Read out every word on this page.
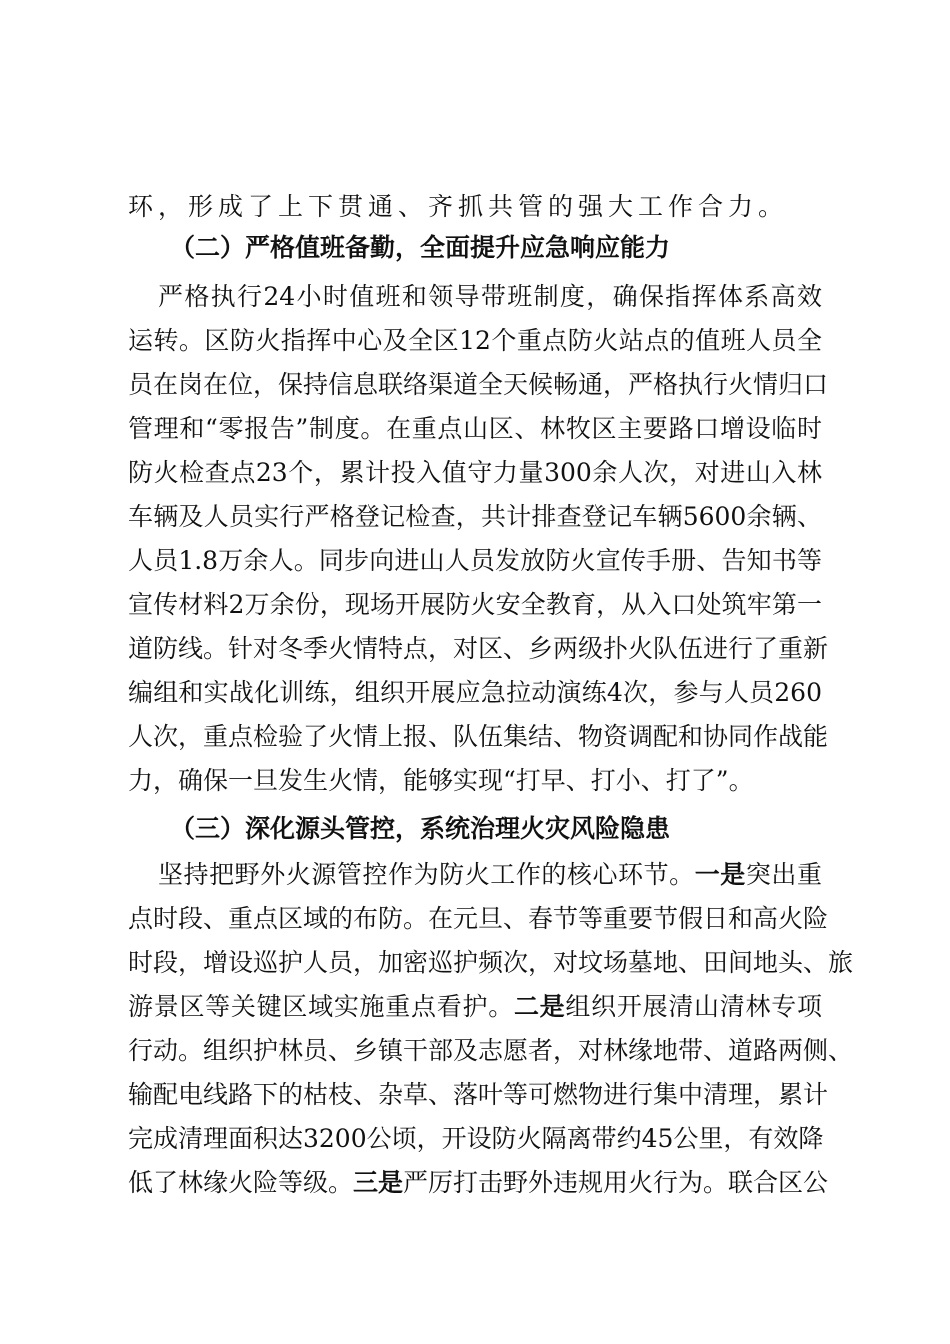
环，形成了上下贯通、齐抓共管的强大工作合力。
（二）严格值班备勤，全面提升应急响应能力
严格执行24小时值班和领导带班制度，确保指挥体系高效
运转。区防火指挥中心及全区12个重点防火站点的值班人员全
员在岗在位，保持信息联络渠道全天候畅通，严格执行火情归口
管理和“零报告”制度。在重点山区、林牧区主要路口增设临时
防火检查点23个，累计投入值守力量300余人次，对进山入林
车辆及人员实行严格登记检查，共计排查登记车辆5600余辆、
人员1.8万余人。同步向进山人员发放防火宣传手册、告知书等
宣传材料2万余份，现场开展防火安全教育，从入口处筑牢第一
道防线。针对冬季火情特点，对区、乡两级扑火队伍进行了重新
编组和实战化训练，组织开展应急拉动演练4次，参与人员260
人次，重点检验了火情上报、队伍集结、物资调配和协同作战能
力，确保一旦发生火情，能够实现“打早、打小、打了”。
（三）深化源头管控，系统治理火灾风险隐患
坚持把野外火源管控作为防火工作的核心环节。一是突出重
点时段、重点区域的布防。在元旦、春节等重要节假日和高火险
时段，增设巡护人员，加密巡护频次，对坟场墓地、田间地头、旅
游景区等关键区域实施重点看护。二是组织开展清山清林专项
行动。组织护林员、乡镇干部及志愿者，对林缘地带、道路两侧、
输配电线路下的枯枝、杂草、落叶等可燃物进行集中清理，累计
完成清理面积达3200公顷，开设防火隔离带约45公里，有效降
低了林缘火险等级。三是严厉打击野外违规用火行为。联合区公
